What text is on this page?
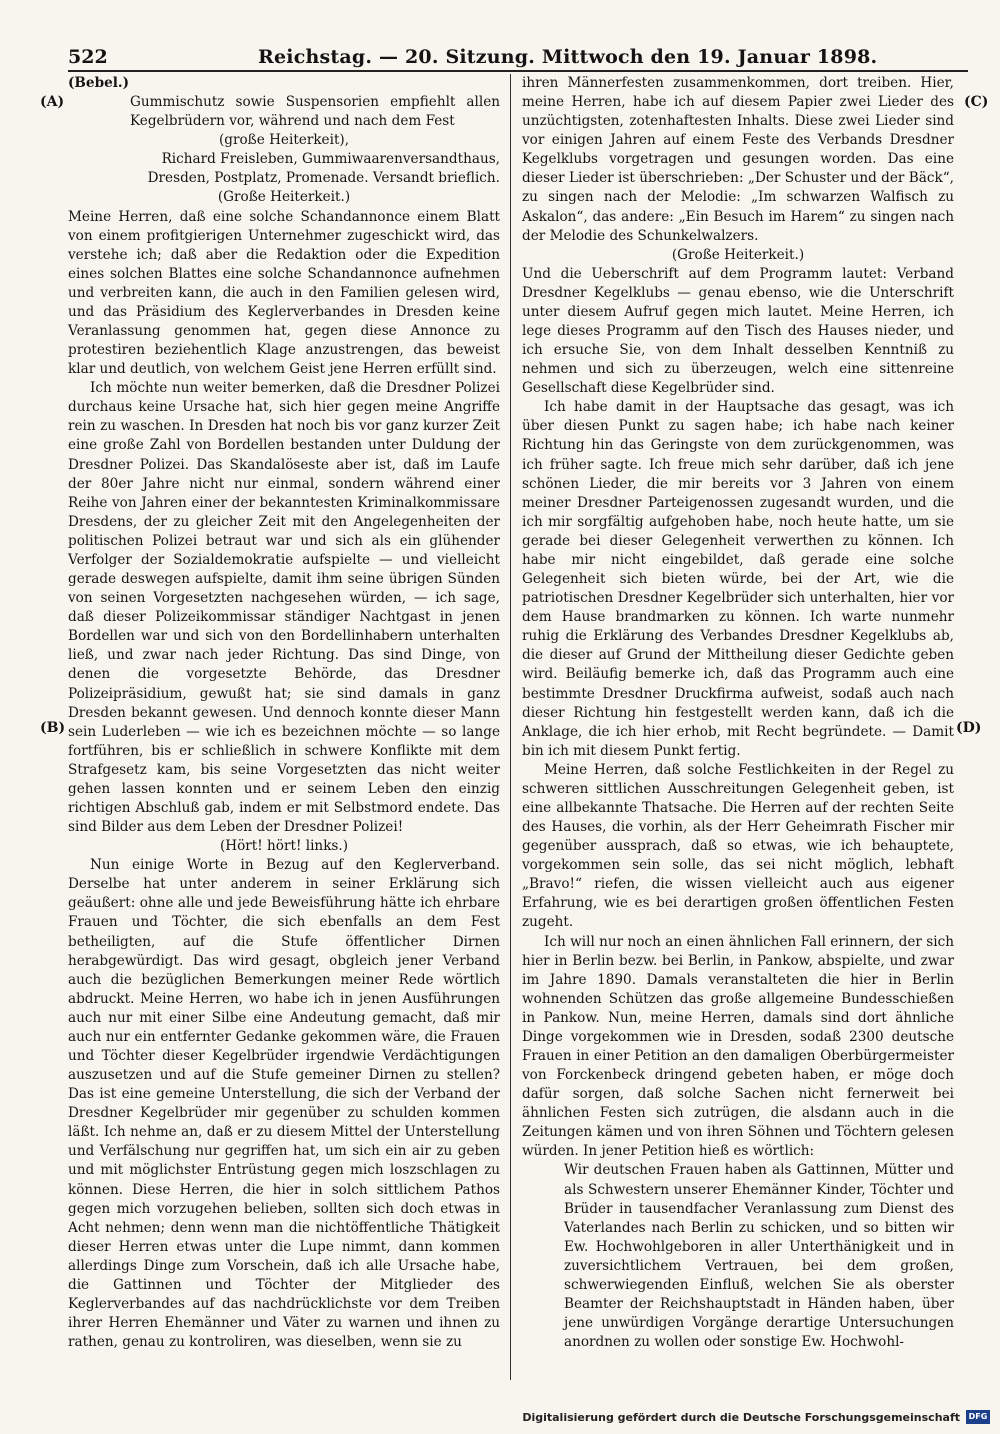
522	Reichstag. — 20. Sitzung. Mittwoch den 19. Januar 1898.
(A)
(B)
(C)
(D)

(Bebel.)

Gummischutz sowie Suspensorien empfiehlt allen Kegelbrüdern vor, während und nach dem Fest

(große Heiterkeit),

Richard Freisleben, Gummiwaarenversandthaus, Dresden, Postplatz, Promenade. Versandt brieflich.

(Große Heiterkeit.)

Meine Herren, daß eine solche Schandannonce einem Blatt von einem profitgierigen Unternehmer zugeschickt wird, das verstehe ich; daß aber die Redaktion oder die Expedition eines solchen Blattes eine solche Schandannonce aufnehmen und verbreiten kann, die auch in den Familien gelesen wird, und das Präsidium des Keglerverbandes in Dresden keine Veranlassung genommen hat, gegen diese Annonce zu protestiren beziehentlich Klage anzustrengen, das beweist klar und deutlich, von welchem Geist jene Herren erfüllt sind.

Ich möchte nun weiter bemerken, daß die Dresdner Polizei durchaus keine Ursache hat, sich hier gegen meine Angriffe rein zu waschen. In Dresden hat noch bis vor ganz kurzer Zeit eine große Zahl von Bordellen bestanden unter Duldung der Dresdner Polizei. Das Skandalöseste aber ist, daß im Laufe der 80er Jahre nicht nur einmal, sondern während einer Reihe von Jahren einer der bekanntesten Kriminalkommissare Dresdens, der zu gleicher Zeit mit den Angelegenheiten der politischen Polizei betraut war und sich als ein glühender Verfolger der Sozialdemokratie aufspielte — und vielleicht gerade deswegen aufspielte, damit ihm seine übrigen Sünden von seinen Vorgesetzten nachgesehen würden, — ich sage, daß dieser Polizeikommissar ständiger Nachtgast in jenen Bordellen war und sich von den Bordellinhabern unterhalten ließ, und zwar nach jeder Richtung. Das sind Dinge, von denen die vorgesetzte Behörde, das Dresdner Polizeipräsidium, gewußt hat; sie sind damals in ganz Dresden bekannt gewesen. Und dennoch konnte dieser Mann sein Luderleben — wie ich es bezeichnen möchte — so lange fortführen, bis er schließlich in schwere Konflikte mit dem Strafgesetz kam, bis seine Vorgesetzten das nicht weiter gehen lassen konnten und er seinem Leben den einzig richtigen Abschluß gab, indem er mit Selbstmord endete. Das sind Bilder aus dem Leben der Dresdner Polizei!

(Hört! hört! links.)

Nun einige Worte in Bezug auf den Keglerverband. Derselbe hat unter anderem in seiner Erklärung sich geäußert: ohne alle und jede Beweisführung hätte ich ehrbare Frauen und Töchter, die sich ebenfalls an dem Fest betheiligten, auf die Stufe öffentlicher Dirnen herabgewürdigt. Das wird gesagt, obgleich jener Verband auch die bezüglichen Bemerkungen meiner Rede wörtlich abdruckt. Meine Herren, wo habe ich in jenen Ausführungen auch nur mit einer Silbe eine Andeutung gemacht, daß mir auch nur ein entfernter Gedanke gekommen wäre, die Frauen und Töchter dieser Kegelbrüder irgendwie Verdächtigungen auszusetzen und auf die Stufe gemeiner Dirnen zu stellen? Das ist eine gemeine Unterstellung, die sich der Verband der Dresdner Kegelbrüder mir gegenüber zu schulden kommen läßt. Ich nehme an, daß er zu diesem Mittel der Unterstellung und Verfälschung nur gegriffen hat, um sich ein air zu geben und mit möglichster Entrüstung gegen mich loszschlagen zu können. Diese Herren, die hier in solch sittlichem Pathos gegen mich vorzugehen belieben, sollten sich doch etwas in Acht nehmen; denn wenn man die nichtöffentliche Thätigkeit dieser Herren etwas unter die Lupe nimmt, dann kommen allerdings Dinge zum Vorschein, daß ich alle Ursache habe, die Gattinnen und Töchter der Mitglieder des Keglerverbandes auf das nachdrücklichste vor dem Treiben ihrer Herren Ehemänner und Väter zu warnen und ihnen zu rathen, genau zu kontroliren, was dieselben, wenn sie zu

ihren Männerfesten zusammenkommen, dort treiben. Hier, meine Herren, habe ich auf diesem Papier zwei Lieder des unzüchtigsten, zotenhaftesten Inhalts. Diese zwei Lieder sind vor einigen Jahren auf einem Feste des Verbands Dresdner Kegelklubs vorgetragen und gesungen worden. Das eine dieser Lieder ist überschrieben: „Der Schuster und der Bäck“, zu singen nach der Melodie: „Im schwarzen Walfisch zu Askalon“, das andere: „Ein Besuch im Harem“ zu singen nach der Melodie des Schunkelwalzers.

(Große Heiterkeit.)

Und die Ueberschrift auf dem Programm lautet: Verband Dresdner Kegelklubs — genau ebenso, wie die Unterschrift unter diesem Aufruf gegen mich lautet. Meine Herren, ich lege dieses Programm auf den Tisch des Hauses nieder, und ich ersuche Sie, von dem Inhalt desselben Kenntniß zu nehmen und sich zu überzeugen, welch eine sittenreine Gesellschaft diese Kegelbrüder sind.

Ich habe damit in der Hauptsache das gesagt, was ich über diesen Punkt zu sagen habe; ich habe nach keiner Richtung hin das Geringste von dem zurückgenommen, was ich früher sagte. Ich freue mich sehr darüber, daß ich jene schönen Lieder, die mir bereits vor 3 Jahren von einem meiner Dresdner Parteigenossen zugesandt wurden, und die ich mir sorgfältig aufgehoben habe, noch heute hatte, um sie gerade bei dieser Gelegenheit verwerthen zu können. Ich habe mir nicht eingebildet, daß gerade eine solche Gelegenheit sich bieten würde, bei der Art, wie die patriotischen Dresdner Kegelbrüder sich unterhalten, hier vor dem Hause brandmarken zu können. Ich warte nunmehr ruhig die Erklärung des Verbandes Dresdner Kegelklubs ab, die dieser auf Grund der Mittheilung dieser Gedichte geben wird. Beiläufig bemerke ich, daß das Programm auch eine bestimmte Dresdner Druckfirma aufweist, sodaß auch nach dieser Richtung hin festgestellt werden kann, daß ich die Anklage, die ich hier erhob, mit Recht begründete. — Damit bin ich mit diesem Punkt fertig.

Meine Herren, daß solche Festlichkeiten in der Regel zu schweren sittlichen Ausschreitungen Gelegenheit geben, ist eine allbekannte Thatsache. Die Herren auf der rechten Seite des Hauses, die vorhin, als der Herr Geheimrath Fischer mir gegenüber aussprach, daß so etwas, wie ich behauptete, vorgekommen sein solle, das sei nicht möglich, lebhaft „Bravo!“ riefen, die wissen vielleicht auch aus eigener Erfahrung, wie es bei derartigen großen öffentlichen Festen zugeht.

Ich will nur noch an einen ähnlichen Fall erinnern, der sich hier in Berlin bezw. bei Berlin, in Pankow, abspielte, und zwar im Jahre 1890. Damals veranstalteten die hier in Berlin wohnenden Schützen das große allgemeine Bundesschießen in Pankow. Nun, meine Herren, damals sind dort ähnliche Dinge vorgekommen wie in Dresden, sodaß 2300 deutsche Frauen in einer Petition an den damaligen Oberbürgermeister von Forckenbeck dringend gebeten haben, er möge doch dafür sorgen, daß solche Sachen nicht fernerweit bei ähnlichen Festen sich zutrügen, die alsdann auch in die Zeitungen kämen und von ihren Söhnen und Töchtern gelesen würden. In jener Petition hieß es wörtlich:

Wir deutschen Frauen haben als Gattinnen, Mütter und als Schwestern unserer Ehemänner Kinder, Töchter und Brüder in tausendfacher Veranlassung zum Dienst des Vaterlandes nach Berlin zu schicken, und so bitten wir Ew. Hochwohlgeboren in aller Unterthänigkeit und in zuversichtlichem Vertrauen, bei dem großen, schwerwiegenden Einfluß, welchen Sie als oberster Beamter der Reichshauptstadt in Händen haben, über jene unwürdigen Vorgänge derartige Untersuchungen anordnen zu wollen oder sonstige Ew. Hochwohl-

Digitalisierung gefördert durch die Deutsche Forschungsgemeinschaft	DFG
